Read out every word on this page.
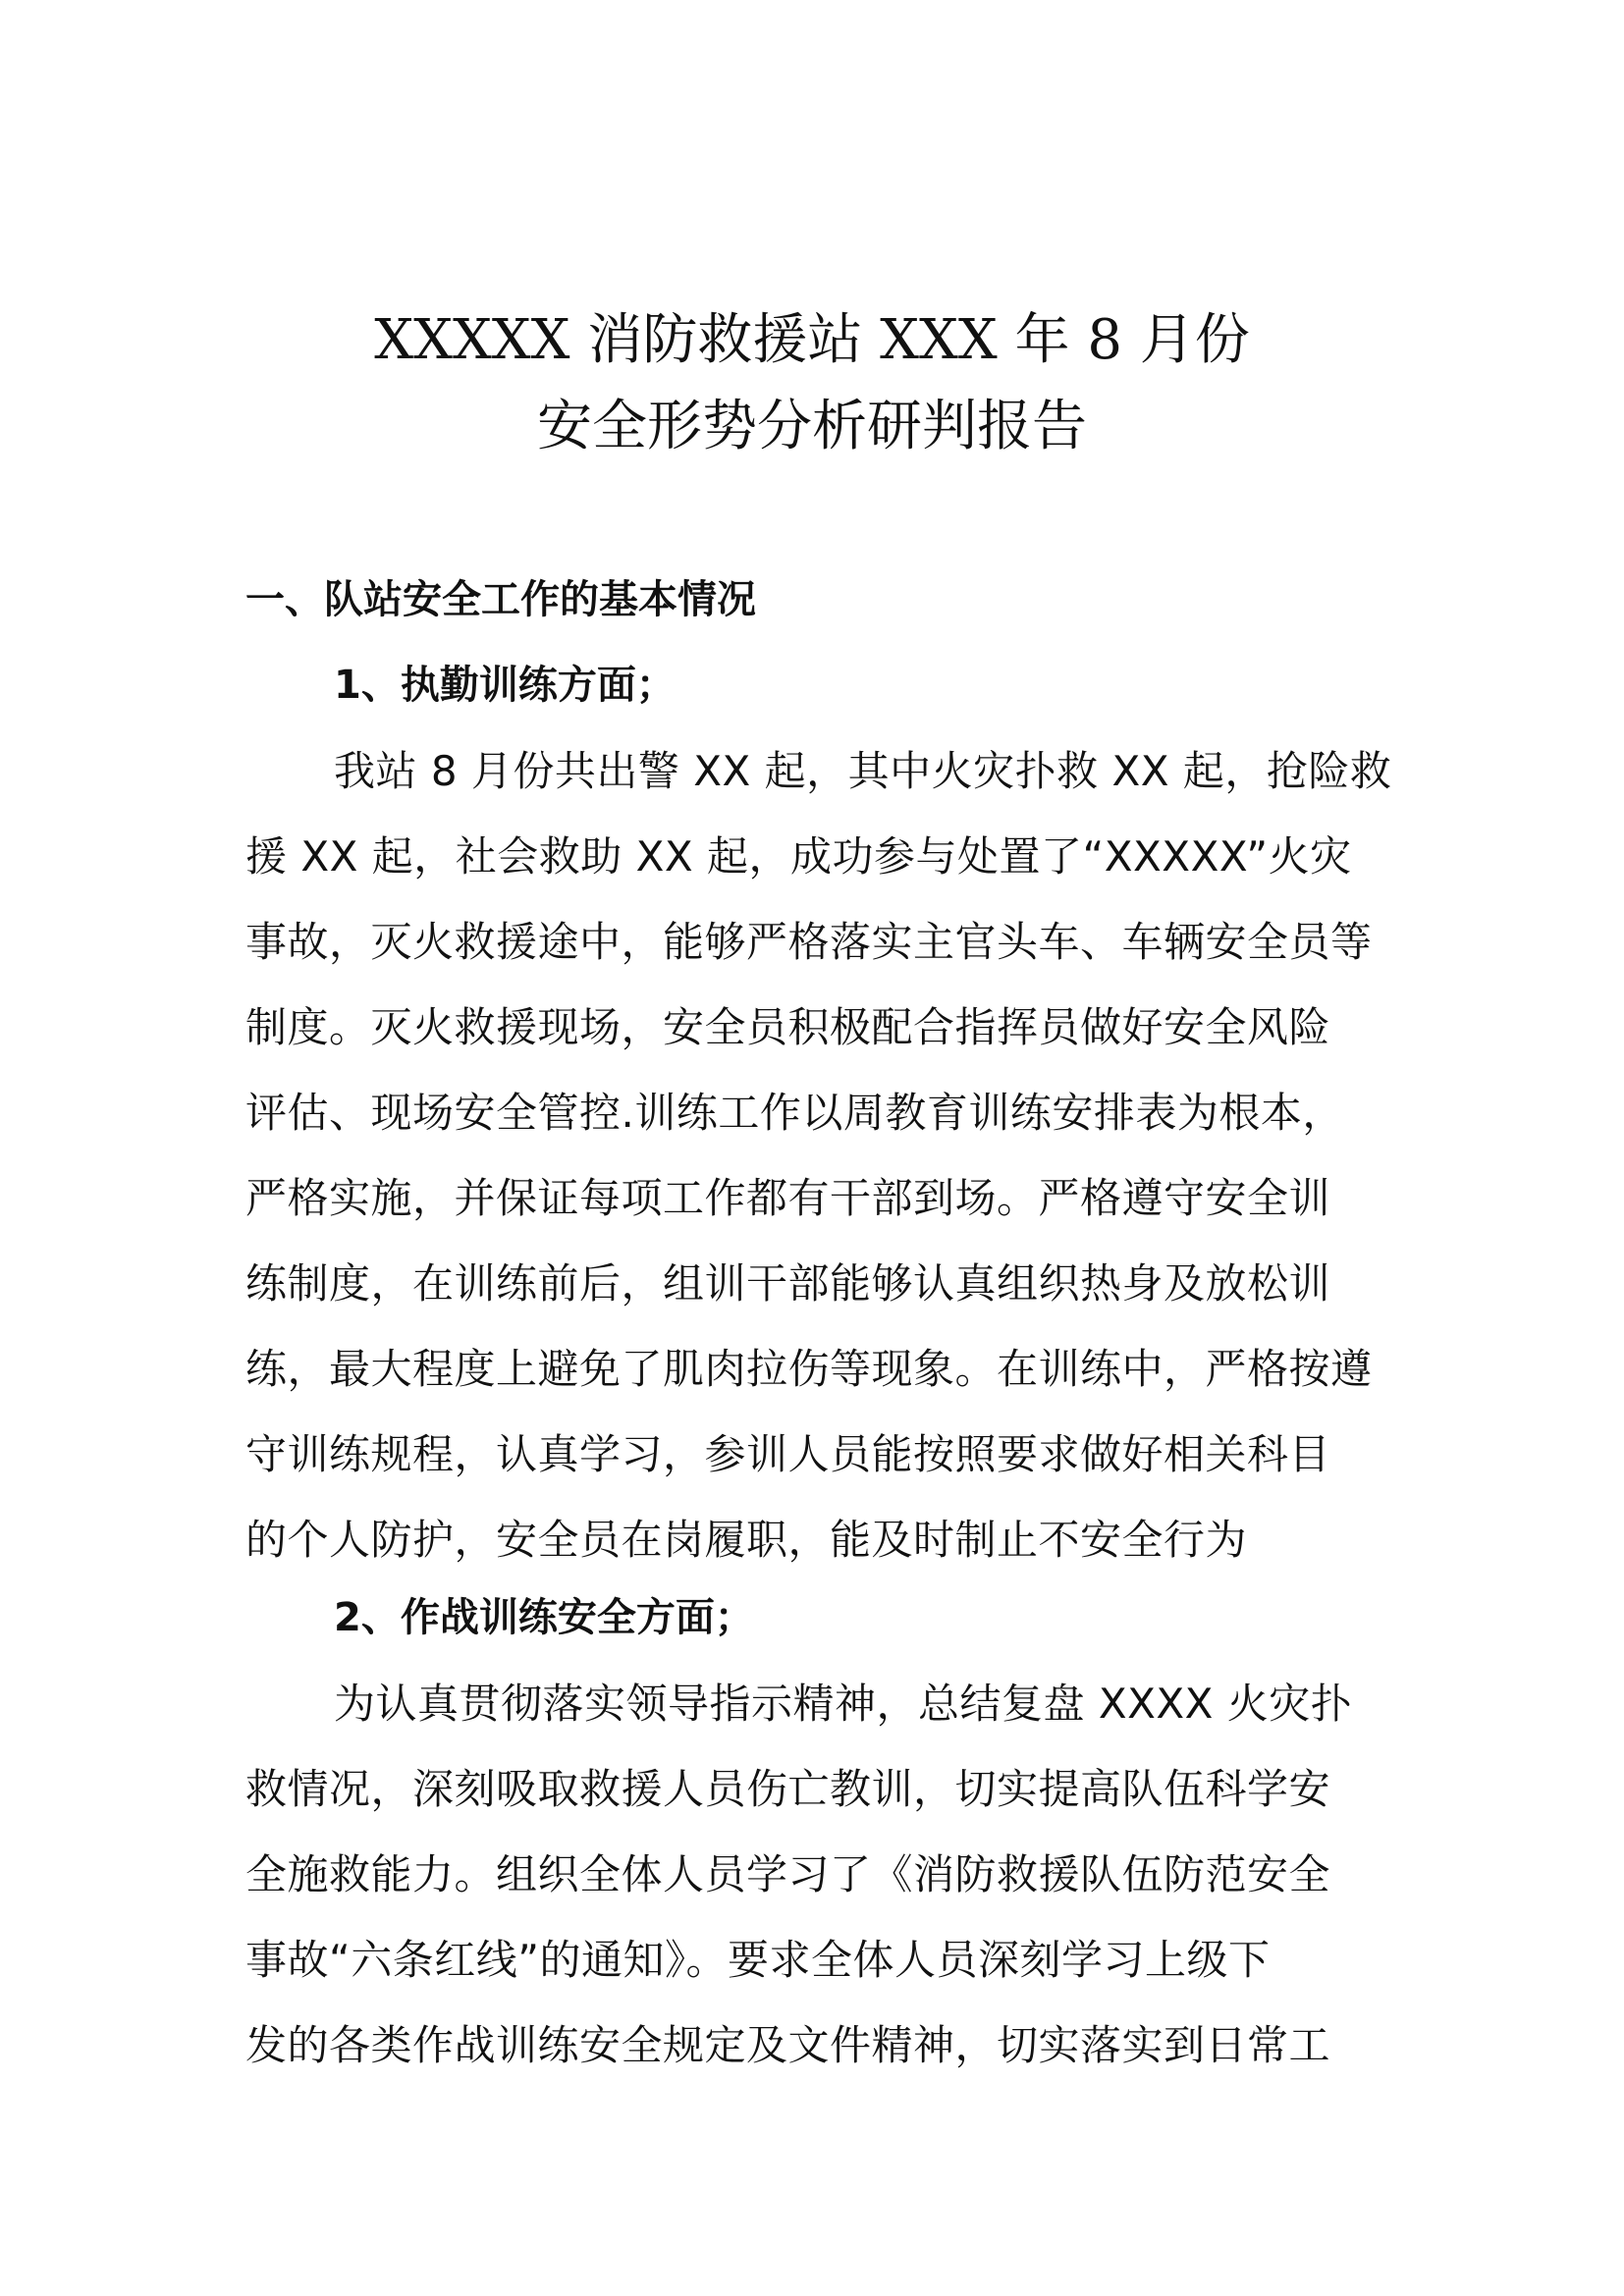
XXXXX 消防救援站 XXX 年 8 月份
安全形势分析研判报告
一、队站安全工作的基本情况
1、执勤训练方面；
我站 8 月份共出警 XX 起，其中火灾扑救 XX 起，抢险救
援 XX 起，社会救助 XX 起，成功参与处置了“XXXXX”火灾
事故，灭火救援途中，能够严格落实主官头车、车辆安全员等
制度。灭火救援现场，安全员积极配合指挥员做好安全风险
评估、现场安全管控.训练工作以周教育训练安排表为根本，
严格实施，并保证每项工作都有干部到场。严格遵守安全训
练制度，在训练前后，组训干部能够认真组织热身及放松训
练，最大程度上避免了肌肉拉伤等现象。在训练中，严格按遵
守训练规程，认真学习，参训人员能按照要求做好相关科目
的个人防护，安全员在岗履职，能及时制止不安全行为
2、作战训练安全方面；
为认真贯彻落实领导指示精神，总结复盘 XXXX 火灾扑
救情况，深刻吸取救援人员伤亡教训，切实提高队伍科学安
全施救能力。组织全体人员学习了《消防救援队伍防范安全
事故“六条红线”的通知》。要求全体人员深刻学习上级下
发的各类作战训练安全规定及文件精神，切实落实到日常工
